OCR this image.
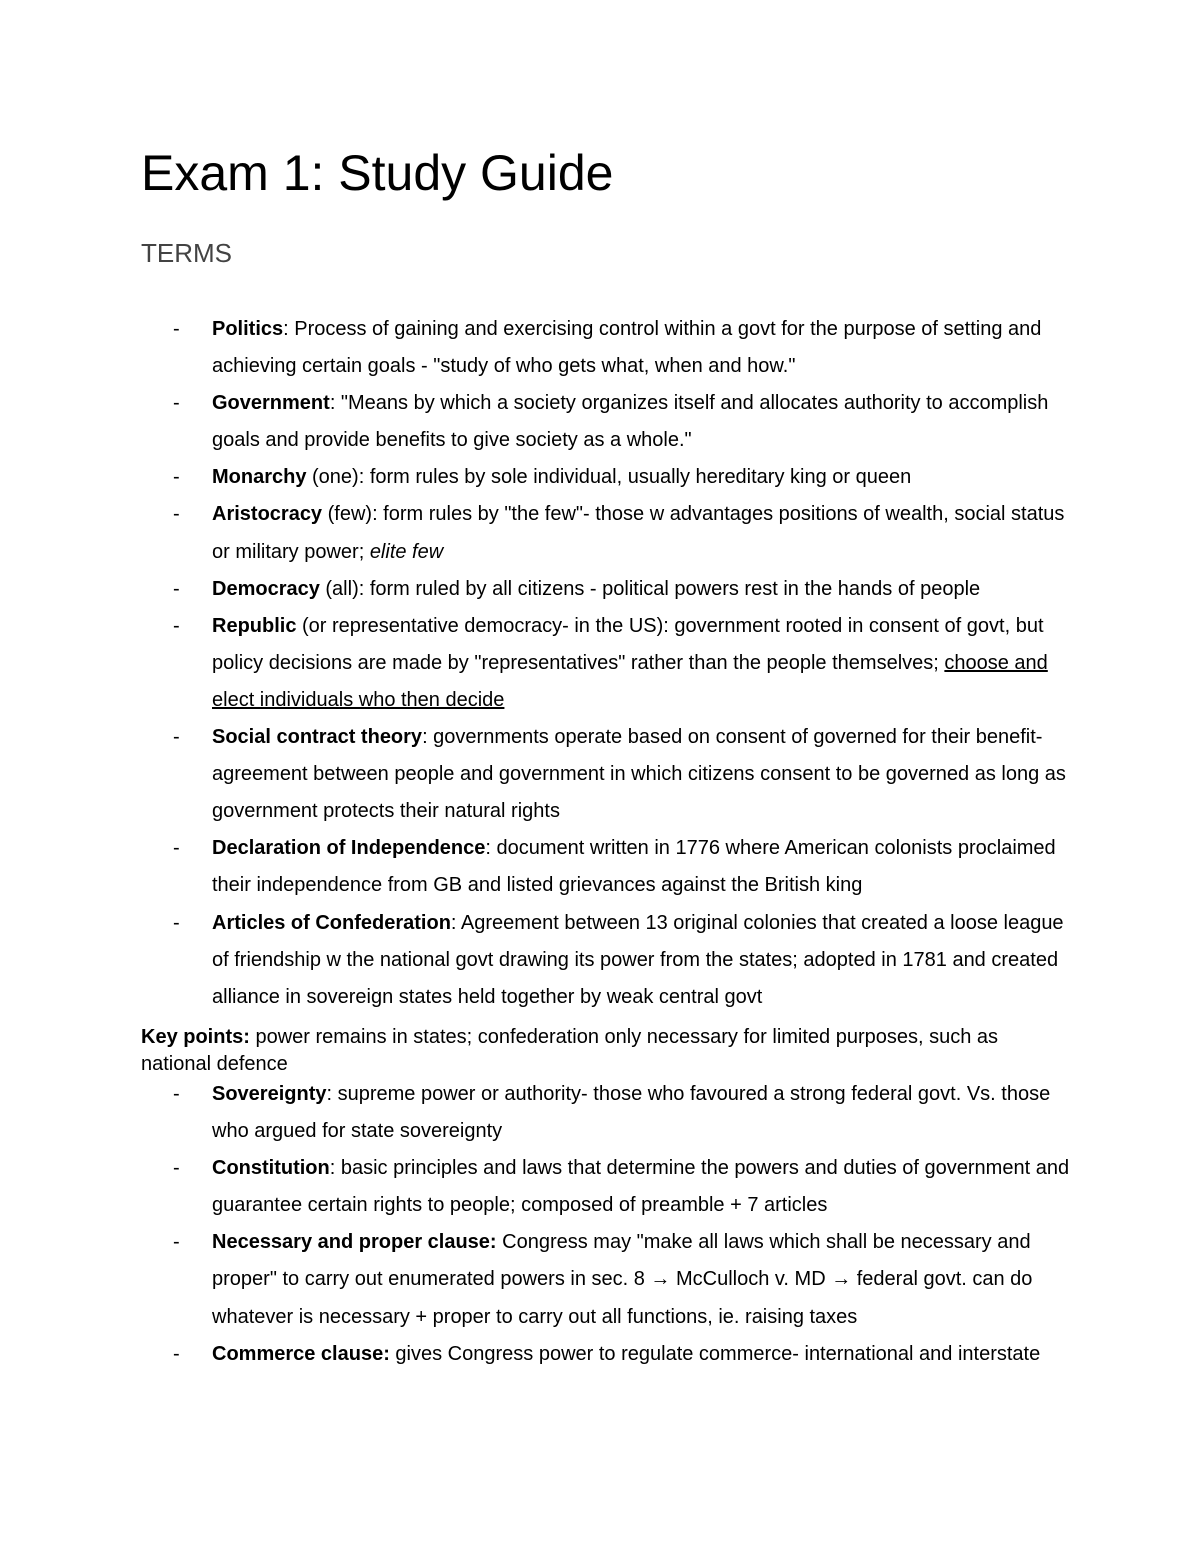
Exam 1: Study Guide
TERMS
- Politics: Process of gaining and exercising control within a govt for the purpose of setting and achieving certain goals - "study of who gets what, when and how."
- Government: "Means by which a society organizes itself and allocates authority to accomplish goals and provide benefits to give society as a whole."
- Monarchy (one): form rules by sole individual, usually hereditary king or queen
- Aristocracy (few): form rules by "the few"- those w advantages positions of wealth, social status or military power; elite few
- Democracy (all): form ruled by all citizens - political powers rest in the hands of people
- Republic (or representative democracy- in the US): government rooted in consent of govt, but policy decisions are made by "representatives" rather than the people themselves; choose and elect individuals who then decide
- Social contract theory: governments operate based on consent of governed for their benefit- agreement between people and government in which citizens consent to be governed as long as government protects their natural rights
- Declaration of Independence: document written in 1776 where American colonists proclaimed their independence from GB and listed grievances against the British king
- Articles of Confederation: Agreement between 13 original colonies that created a loose league of friendship w the national govt drawing its power from the states; adopted in 1781 and created alliance in sovereign states held together by weak central govt

Key points: power remains in states; confederation only necessary for limited purposes, such as national defence

- Sovereignty: supreme power or authority- those who favoured a strong federal govt. Vs. those who argued for state sovereignty
- Constitution: basic principles and laws that determine the powers and duties of government and guarantee certain rights to people; composed of preamble + 7 articles
- Necessary and proper clause: Congress may "make all laws which shall be necessary and proper" to carry out enumerated powers in sec. 8 → McCulloch v. MD → federal govt. can do whatever is necessary + proper to carry out all functions, ie. raising taxes
- Commerce clause: gives Congress power to regulate commerce- international and interstate
